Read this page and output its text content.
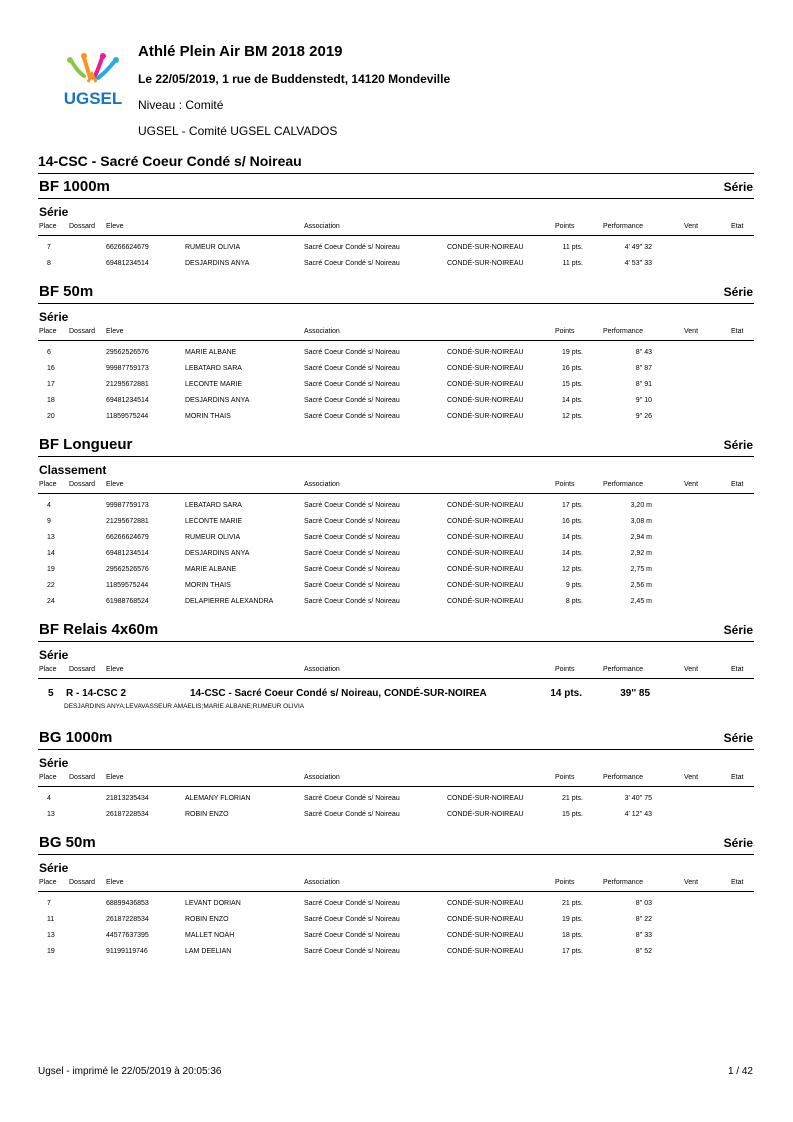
UGSEL
Athlé Plein Air BM 2018 2019
Le 22/05/2019, 1 rue de Buddenstedt, 14120 Mondeville
Niveau : Comité
UGSEL - Comité UGSEL CALVADOS
14-CSC - Sacré Coeur Condé s/ Noireau
BF 1000m	Série
Série
Place Dossard Eleve	Association	Points	Performance	Vent	Etat
7	66266624679	RUMEUR OLIVIA	Sacré Coeur Condé s/ Noireau	CONDÉ-SUR-NOIREAU	11 pts.	4' 49'' 32
8	69481234514	DESJARDINS ANYA	Sacré Coeur Condé s/ Noireau	CONDÉ-SUR-NOIREAU	11 pts.	4' 53'' 33
BF 50m	Série
Série
Place Dossard Eleve	Association	Points	Performance	Vent	Etat
6	29562526576	MARIE ALBANE	Sacré Coeur Condé s/ Noireau	CONDÉ-SUR-NOIREAU	19 pts.	8'' 43
16	99987759173	LEBATARD SARA	Sacré Coeur Condé s/ Noireau	CONDÉ-SUR-NOIREAU	16 pts.	8'' 87
17	21295672881	LECONTE MARIE	Sacré Coeur Condé s/ Noireau	CONDÉ-SUR-NOIREAU	15 pts.	8'' 91
18	69481234514	DESJARDINS ANYA	Sacré Coeur Condé s/ Noireau	CONDÉ-SUR-NOIREAU	14 pts.	9'' 10
20	11859575244	MORIN THAIS	Sacré Coeur Condé s/ Noireau	CONDÉ-SUR-NOIREAU	12 pts.	9'' 26
BF Longueur	Série
Classement
Place Dossard Eleve	Association	Points	Performance	Vent	Etat
4	99987759173	LEBATARD SARA	Sacré Coeur Condé s/ Noireau	CONDÉ-SUR-NOIREAU	17 pts.	3,20 m
9	21295672881	LECONTE MARIE	Sacré Coeur Condé s/ Noireau	CONDÉ-SUR-NOIREAU	16 pts.	3,08 m
13	66266624679	RUMEUR OLIVIA	Sacré Coeur Condé s/ Noireau	CONDÉ-SUR-NOIREAU	14 pts.	2,94 m
14	69481234514	DESJARDINS ANYA	Sacré Coeur Condé s/ Noireau	CONDÉ-SUR-NOIREAU	14 pts.	2,92 m
19	29562526576	MARIE ALBANE	Sacré Coeur Condé s/ Noireau	CONDÉ-SUR-NOIREAU	12 pts.	2,75 m
22	11859575244	MORIN THAIS	Sacré Coeur Condé s/ Noireau	CONDÉ-SUR-NOIREAU	9 pts.	2,56 m
24	61988768524	DELAPIERRE ALEXANDRA	Sacré Coeur Condé s/ Noireau	CONDÉ-SUR-NOIREAU	8 pts.	2,45 m
BF Relais 4x60m	Série
Série
Place Dossard Eleve	Association	Points	Performance	Vent	Etat
5 R - 14-CSC 2	14-CSC - Sacré Coeur Condé s/ Noireau, CONDÉ-SUR-NOIREA	14 pts.	39'' 85
DESJARDINS ANYA;LEVAVASSEUR AMAELIS;MARIE ALBANE;RUMEUR OLIVIA
BG 1000m	Série
Série
Place Dossard Eleve	Association	Points	Performance	Vent	Etat
4	21813235434	ALEMANY FLORIAN	Sacré Coeur Condé s/ Noireau	CONDÉ-SUR-NOIREAU	21 pts.	3' 40'' 75
13	26187228534	ROBIN ENZO	Sacré Coeur Condé s/ Noireau	CONDÉ-SUR-NOIREAU	15 pts.	4' 12'' 43
BG 50m	Série
Série
Place Dossard Eleve	Association	Points	Performance	Vent	Etat
7	68899436853	LEVANT DORIAN	Sacré Coeur Condé s/ Noireau	CONDÉ-SUR-NOIREAU	21 pts.	8'' 03
11	26187228534	ROBIN ENZO	Sacré Coeur Condé s/ Noireau	CONDÉ-SUR-NOIREAU	19 pts.	8'' 22
13	44577637395	MALLET NOAH	Sacré Coeur Condé s/ Noireau	CONDÉ-SUR-NOIREAU	18 pts.	8'' 33
19	91199119746	LAM DEELIAN	Sacré Coeur Condé s/ Noireau	CONDÉ-SUR-NOIREAU	17 pts.	8'' 52
Ugsel - imprimé le 22/05/2019 à 20:05:36	1 / 42
